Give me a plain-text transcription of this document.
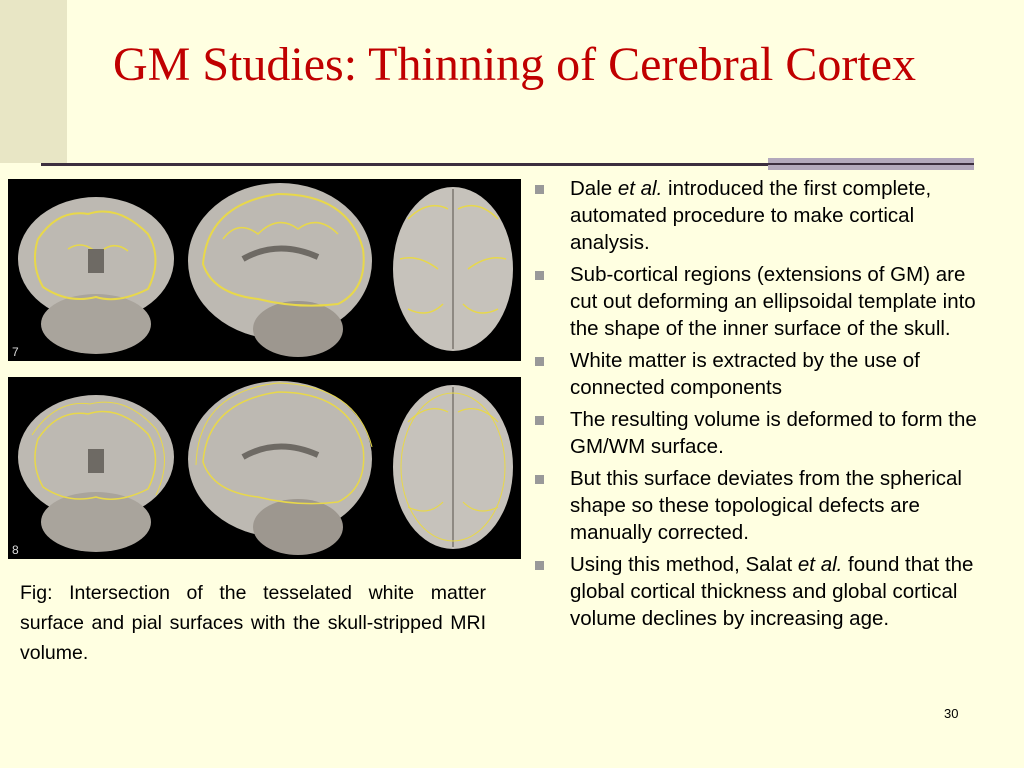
GM Studies: Thinning of Cerebral Cortex
7
8
Fig: Intersection of the tesselated white matter surface and pial surfaces with the skull-stripped MRI volume.
Dale et al. introduced the first complete, automated procedure to make cortical analysis.
Sub-cortical regions (extensions of GM) are cut out deforming an ellipsoidal template into the shape of the inner surface of the skull.
White matter is extracted by the use of connected components
The resulting volume is deformed to form the GM/WM surface.
But this surface deviates from the spherical shape so these topological defects are manually corrected.
Using this method, Salat et al. found that the global cortical thickness and global cortical volume declines by increasing age.
30
